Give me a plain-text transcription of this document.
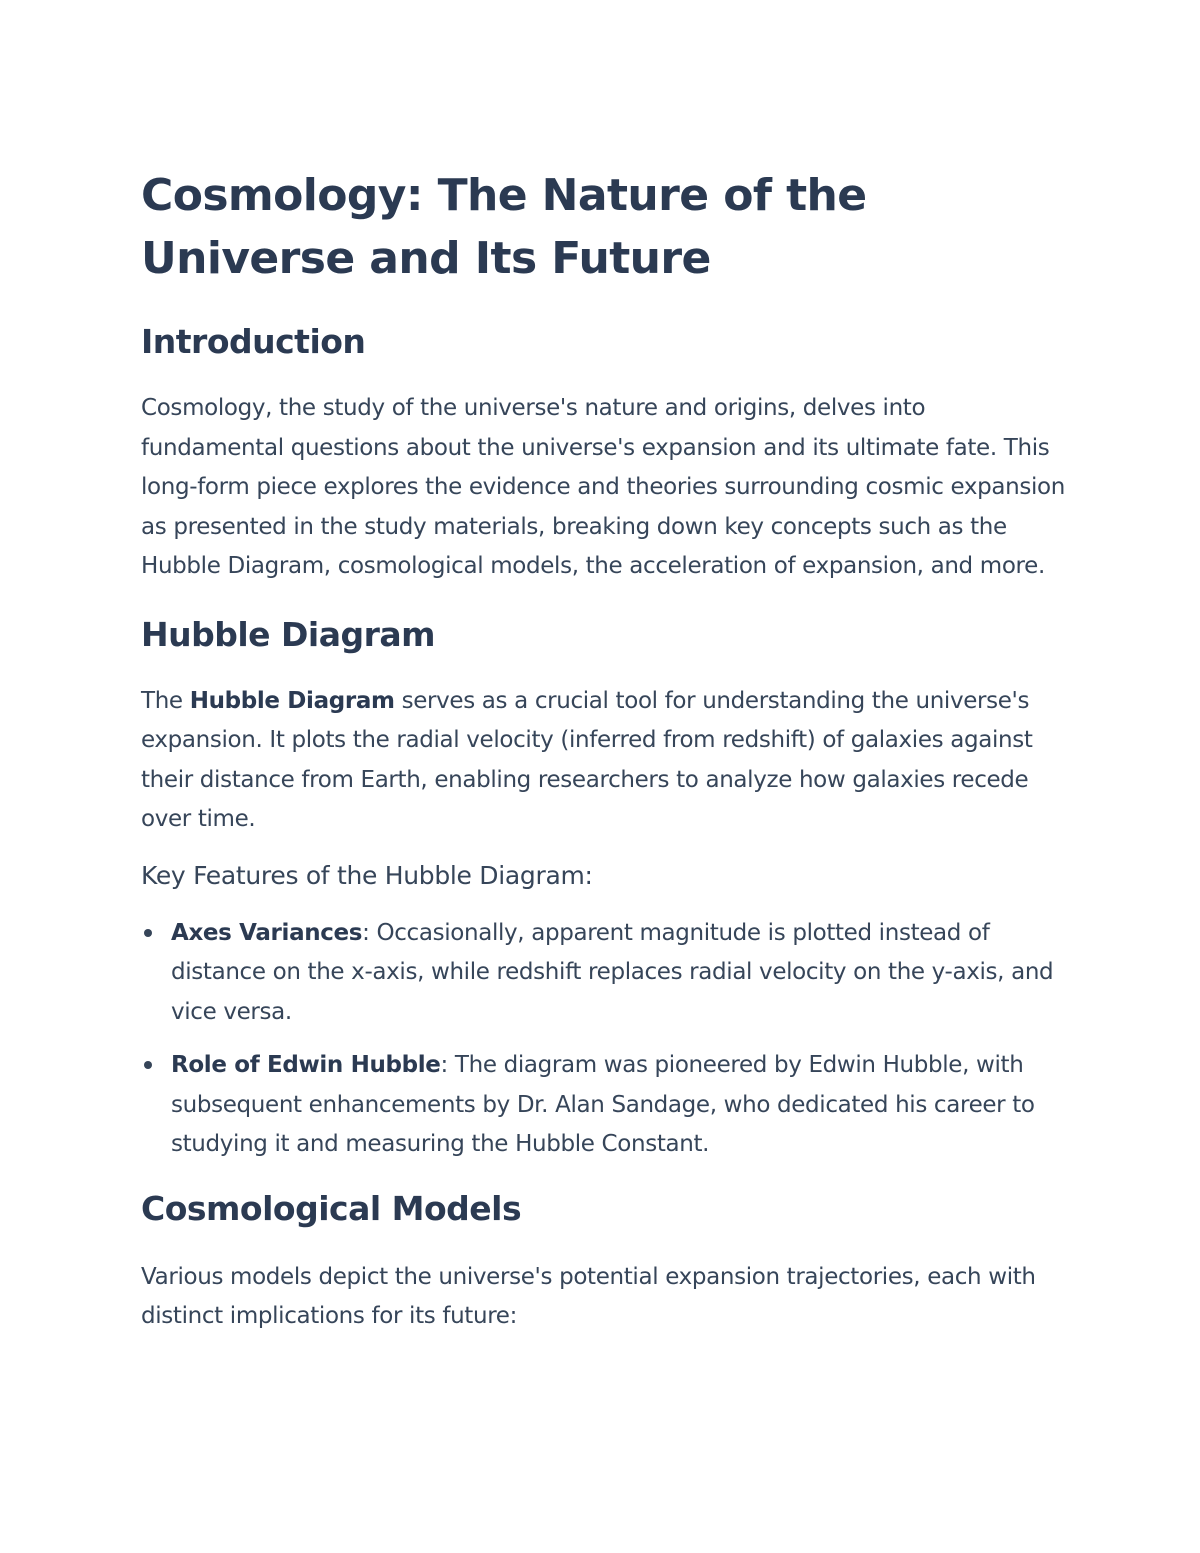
Cosmology: The Nature of the Universe and Its Future
Introduction

Cosmology, the study of the universe's nature and origins, delves into fundamental questions about the universe's expansion and its ultimate fate. This long-form piece explores the evidence and theories surrounding cosmic expansion as presented in the study materials, breaking down key concepts such as the Hubble Diagram, cosmological models, the acceleration of expansion, and more.

Hubble Diagram

The Hubble Diagram serves as a crucial tool for understanding the universe's expansion. It plots the radial velocity (inferred from redshift) of galaxies against their distance from Earth, enabling researchers to analyze how galaxies recede over time.

Key Features of the Hubble Diagram:
Axes Variances: Occasionally, apparent magnitude is plotted instead of distance on the x-axis, while redshift replaces radial velocity on the y-axis, and vice versa.
Role of Edwin Hubble: The diagram was pioneered by Edwin Hubble, with subsequent enhancements by Dr. Alan Sandage, who dedicated his career to studying it and measuring the Hubble Constant.
Cosmological Models

Various models depict the universe's potential expansion trajectories, each with distinct implications for its future:
